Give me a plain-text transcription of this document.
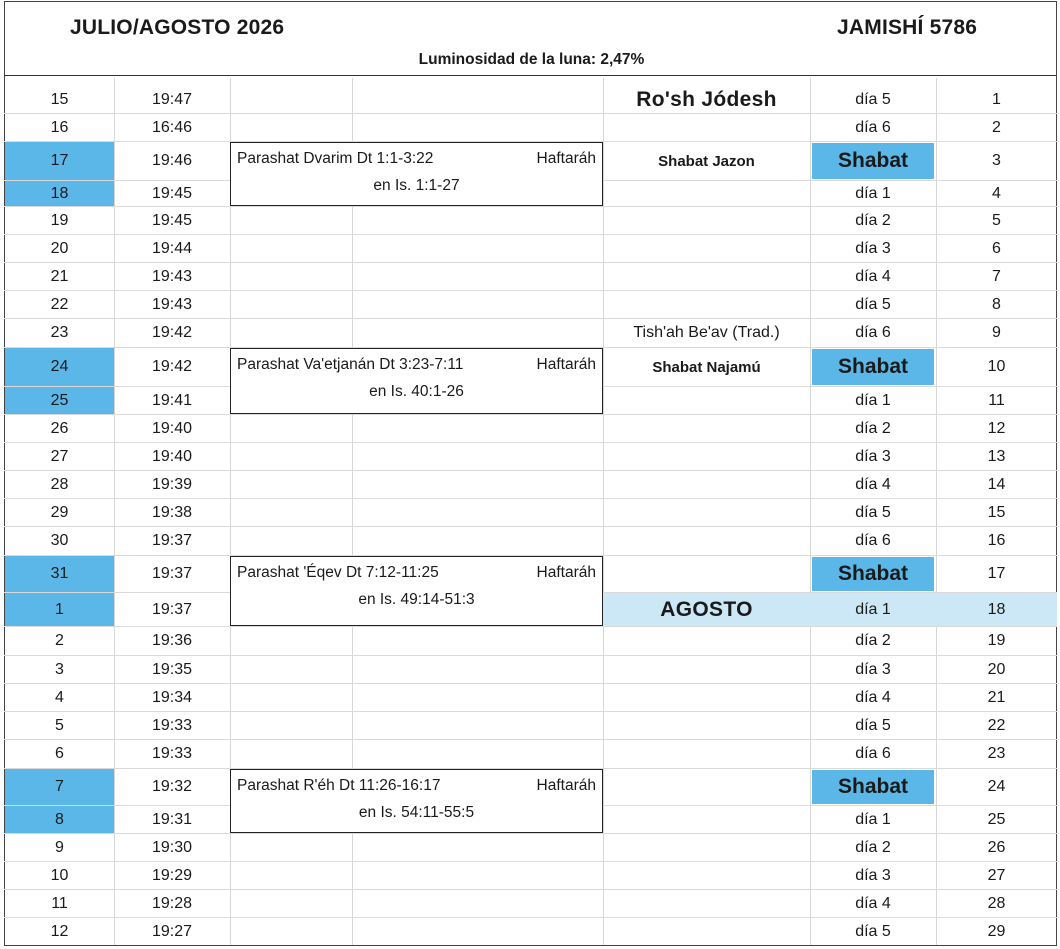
JULIO/AGOSTO 2026	JAMISHÍ 5786
Luminosidad de la luna: 2,47%
15	19:47	Ro'sh Jódesh	día 5	1
16	16:46	día 6	2
17	19:46	Shabat Jazon	Shabat	3
18	19:45	día 1	4
19	19:45	día 2	5
20	19:44	día 3	6
21	19:43	día 4	7
22	19:43	día 5	8
23	19:42	Tish'ah Be'av (Trad.)	día 6	9
24	19:42	Shabat Najamú	Shabat	10
25	19:41	día 1	11
26	19:40	día 2	12
27	19:40	día 3	13
28	19:39	día 4	14
29	19:38	día 5	15
30	19:37	día 6	16
31	19:37	Shabat	17
1	19:37	AGOSTO	día 1	18
2	19:36	día 2	19
3	19:35	día 3	20
4	19:34	día 4	21
5	19:33	día 5	22
6	19:33	día 6	23
7	19:32	Shabat	24
8	19:31	día 1	25
9	19:30	día 2	26
10	19:29	día 3	27
11	19:28	día 4	28
12	19:27	día 5	29
Parashat Dvarim Dt 1:1-3:22	Haftaráh
en Is. 1:1-27
Parashat Va'etjanán Dt 3:23-7:11	Haftaráh
en Is. 40:1-26
Parashat 'Éqev Dt 7:12-11:25	Haftaráh
en Is. 49:14-51:3
Parashat R'éh Dt 11:26-16:17	Haftaráh
en Is. 54:11-55:5
